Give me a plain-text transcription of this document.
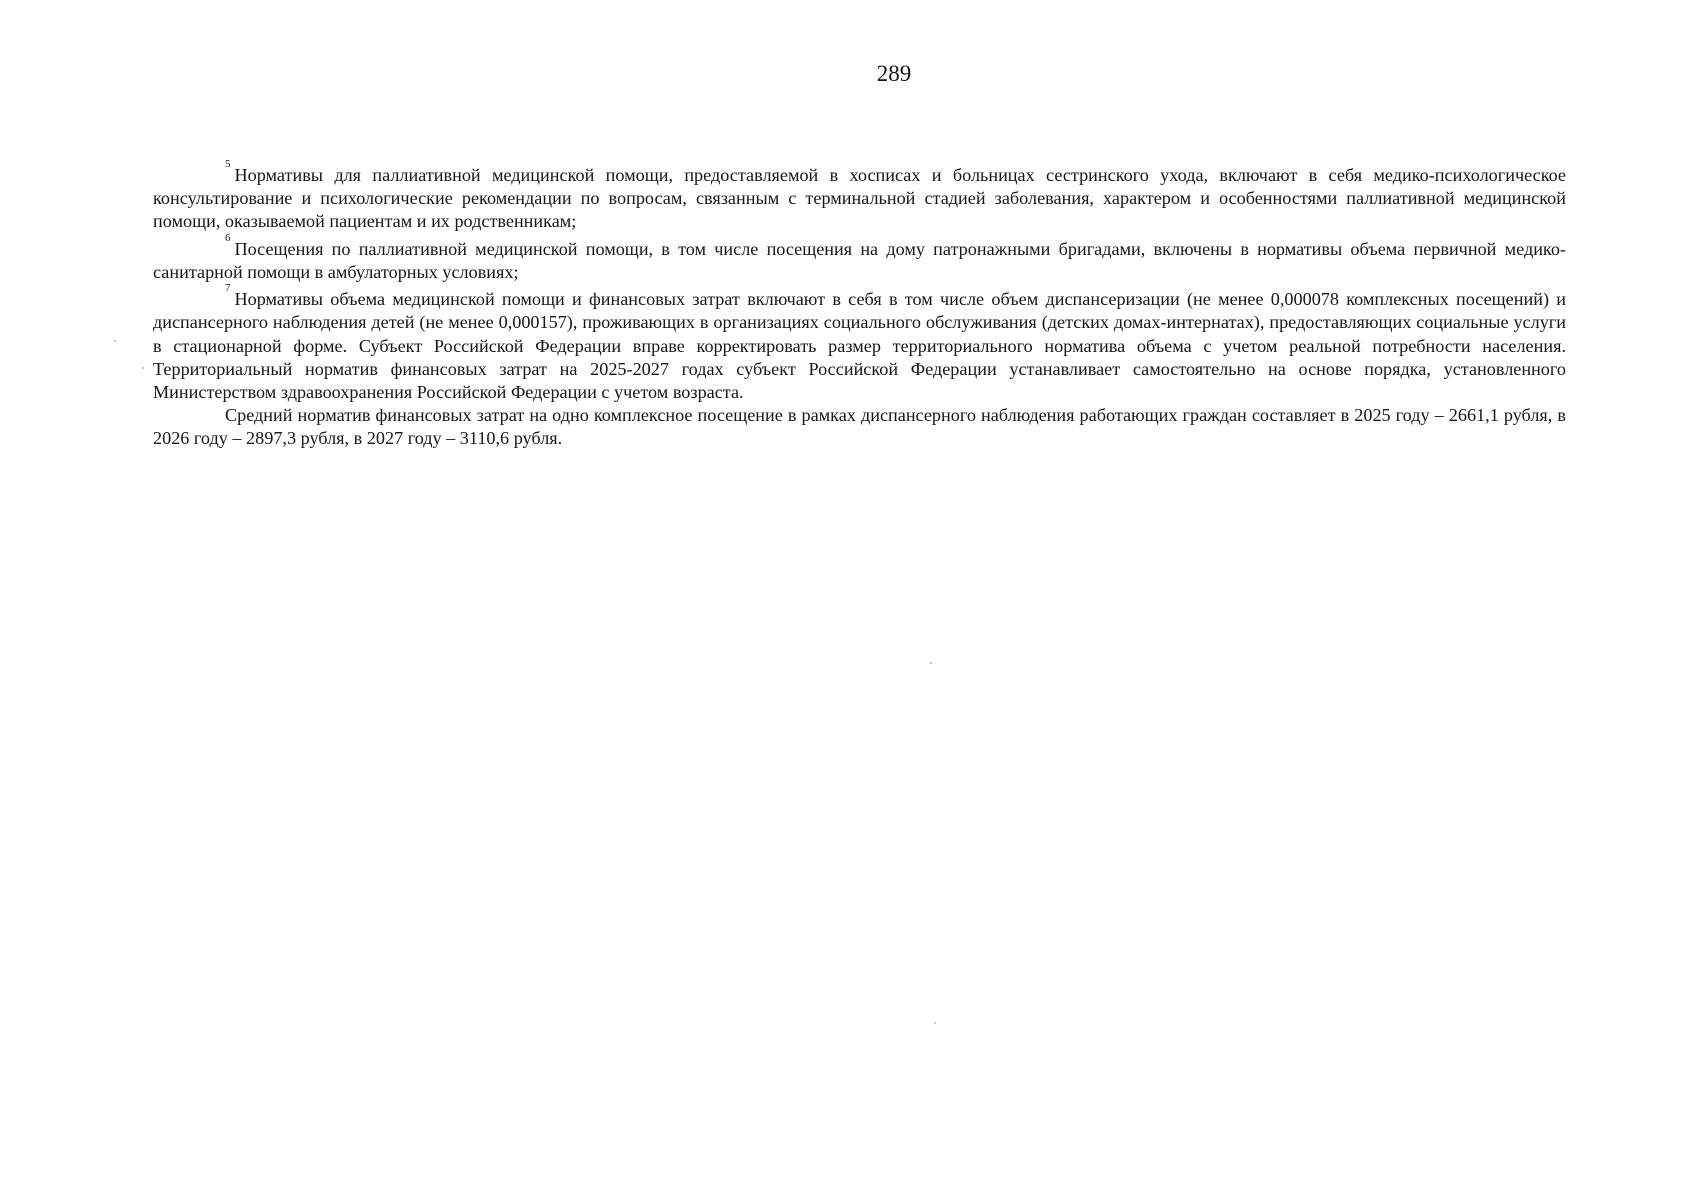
289

$^5$Нормативы для паллиативной медицинской помощи, предоставляемой в хосписах и больницах сестринского ухода, включают в себя медико-психологическое консультирование и психологические рекомендации по вопросам, связанным с терминальной стадией заболевания, характером и особенностями паллиативной медицинской помощи, оказываемой пациентам и их родственникам;

$^6$Посещения по паллиативной медицинской помощи, в том числе посещения на дому патронажными бригадами, включены в нормативы объема первичной медико-санитарной помощи в амбулаторных условиях;

$^7$Нормативы объема медицинской помощи и финансовых затрат включают в себя в том числе объем диспансеризации (не менее 0,000078 комплексных посещений) и диспансерного наблюдения детей (не менее 0,000157), проживающих в организациях социального обслуживания (детских домах-интернатах), предоставляющих социальные услуги в стационарной форме. Субъект Российской Федерации вправе корректировать размер территориального норматива объема с учетом реальной потребности населения. Территориальный норматив финансовых затрат на 2025-2027 годах субъект Российской Федерации устанавливает самостоятельно на основе порядка, установленного Министерством здравоохранения Российской Федерации с учетом возраста.

Средний норматив финансовых затрат на одно комплексное посещение в рамках диспансерного наблюдения работающих граждан составляет в 2025 году – 2661,1 рубля, в 2026 году – 2897,3 рубля, в 2027 году – 3110,6 рубля.
